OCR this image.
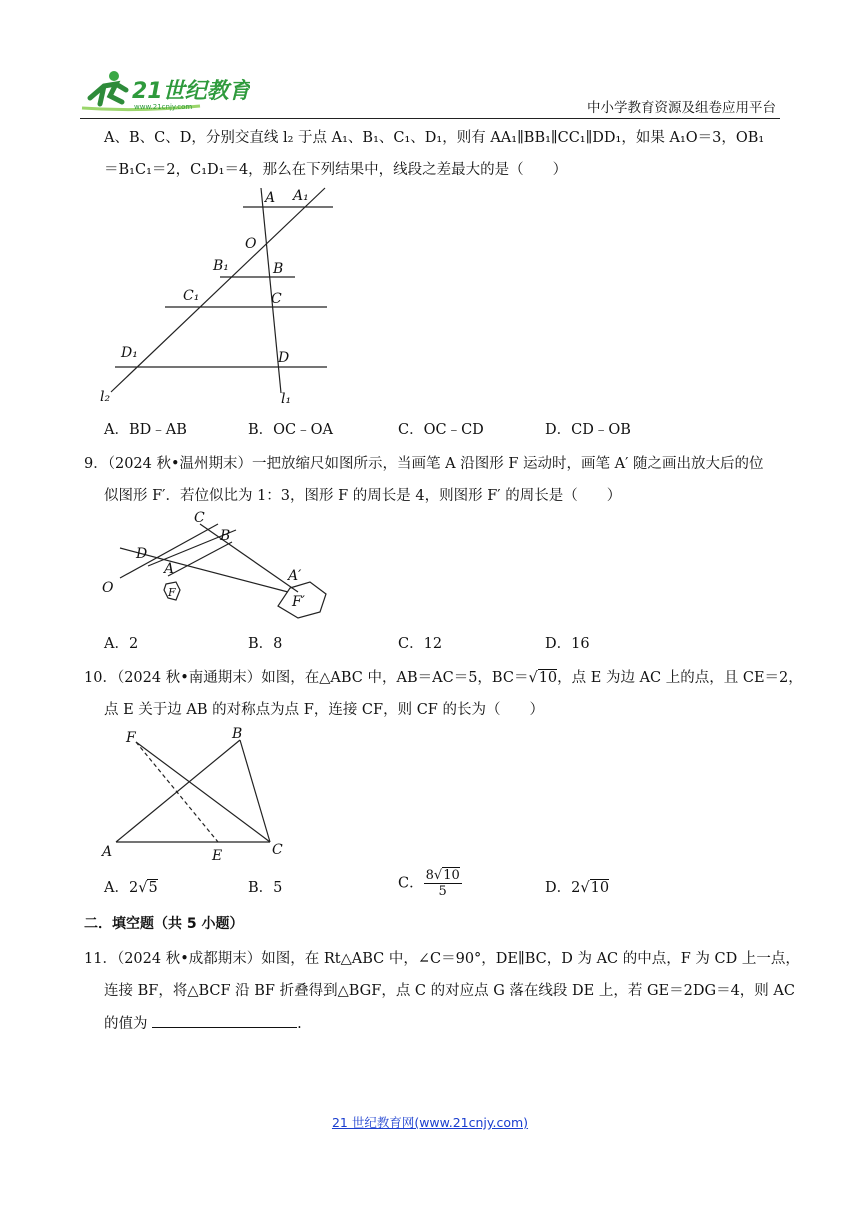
21世纪教育
www.21cnjy.com	中小学教育资源及组卷应用平台
A、B、C、D，分别交直线 l₂ 于点 A₁、B₁、C₁、D₁，则有 AA₁∥BB₁∥CC₁∥DD₁，如果 A₁O＝3，OB₁
＝B₁C₁＝2，C₁D₁＝4，那么在下列结果中，线段之差最大的是（　　）
A A₁
O
B₁	B
C₁	C
D₁	D
l₂	l₁
A．BD﹣AB	B．OC﹣OA	C．OC﹣CD	D．CD﹣OB
9．（2024 秋•温州期末）一把放缩尺如图所示，当画笔 A 沿图形 F 运动时，画笔 A′ 随之画出放大后的位
似图形 F′．若位似比为 1：3，图形 F 的周长是 4，则图形 F′ 的周长是（　　）
C
B
D
A
O	F
A′
F′
A．2	B．8	C．12	D．16
10．（2024 秋•南通期末）如图，在△ABC 中，AB＝AC＝5，BC＝√10，点 E 为边 AC 上的点，且 CE＝2，
点 E 关于边 AB 的对称点为点 F，连接 CF，则 CF 的长为（　　）
F	B
A	E	C
A．2√5	B．5	C． $\frac{8√10}{5}$	D．2√10
二．填空题（共 5 小题）
11．（2024 秋•成都期末）如图，在 Rt△ABC 中，∠C＝90°，DE∥BC，D 为 AC 的中点，F 为 CD 上一点，
连接 BF，将△BCF 沿 BF 折叠得到△BGF，点 C 的对应点 G 落在线段 DE 上，若 GE＝2DG＝4，则 AC
的值为	.
21 世纪教育网(www.21cnjy.com)
